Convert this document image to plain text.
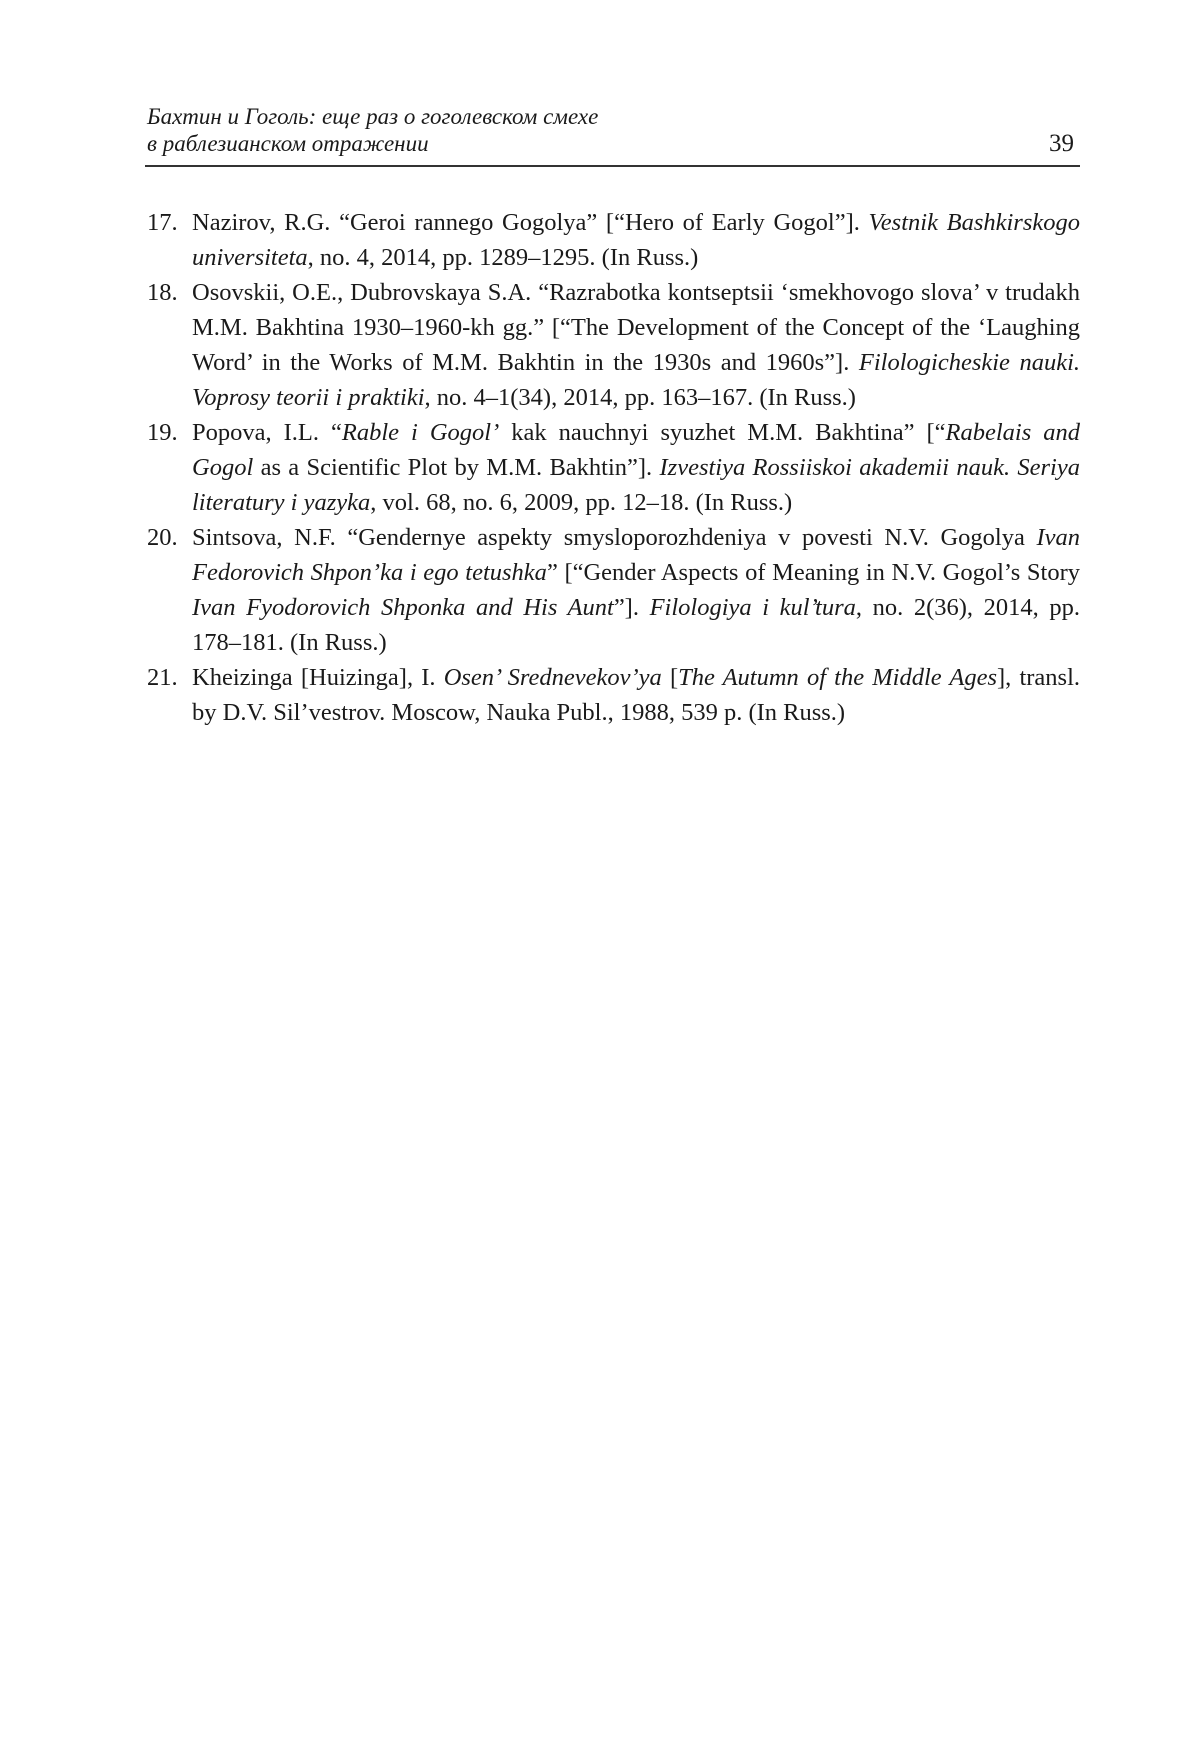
Бахтин и Гоголь: еще раз о гоголевском смехе
в раблезианском отражении	39
17. Nazirov, R.G. “Geroi rannego Gogolya” [“Hero of Early Gogol”]. Vestnik Bashkirskogo universiteta, no. 4, 2014, pp. 1289–1295. (In Russ.)
18. Osovskii, O.E., Dubrovskaya S.A. “Razrabotka kontseptsii ‘smekhovogo slova’ v trudakh M.M. Bakhtina 1930–1960-kh gg.” [“The Development of the Concept of the ‘Laughing Word’ in the Works of M.M. Bakhtin in the 1930s and 1960s”]. Filologicheskie nauki. Voprosy teorii i praktiki, no. 4–1(34), 2014, pp. 163–167. (In Russ.)
19. Popova, I.L. “Rable i Gogol’ kak nauchnyi syuzhet M.M. Bakhtina” [“Rabelais and Gogol as a Scientific Plot by M.M. Bakhtin”]. Izvestiya Rossiiskoi akademii nauk. Seriya literatury i yazyka, vol. 68, no. 6, 2009, pp. 12–18. (In Russ.)
20. Sintsova, N.F. “Gendernye aspekty smysloporozhdeniya v povesti N.V. Gogolya Ivan Fedorovich Shpon’ka i ego tetushka” [“Gender Aspects of Meaning in N.V. Gogol’s Story Ivan Fyodorovich Shponka and His Aunt”]. Filologiya i kul’tura, no. 2(36), 2014, pp. 178–181. (In Russ.)
21. Kheizinga [Huizinga], I. Osen’ Srednevekov’ya [The Autumn of the Middle Ages], transl. by D.V. Sil’vestrov. Moscow, Nauka Publ., 1988, 539 p. (In Russ.)
